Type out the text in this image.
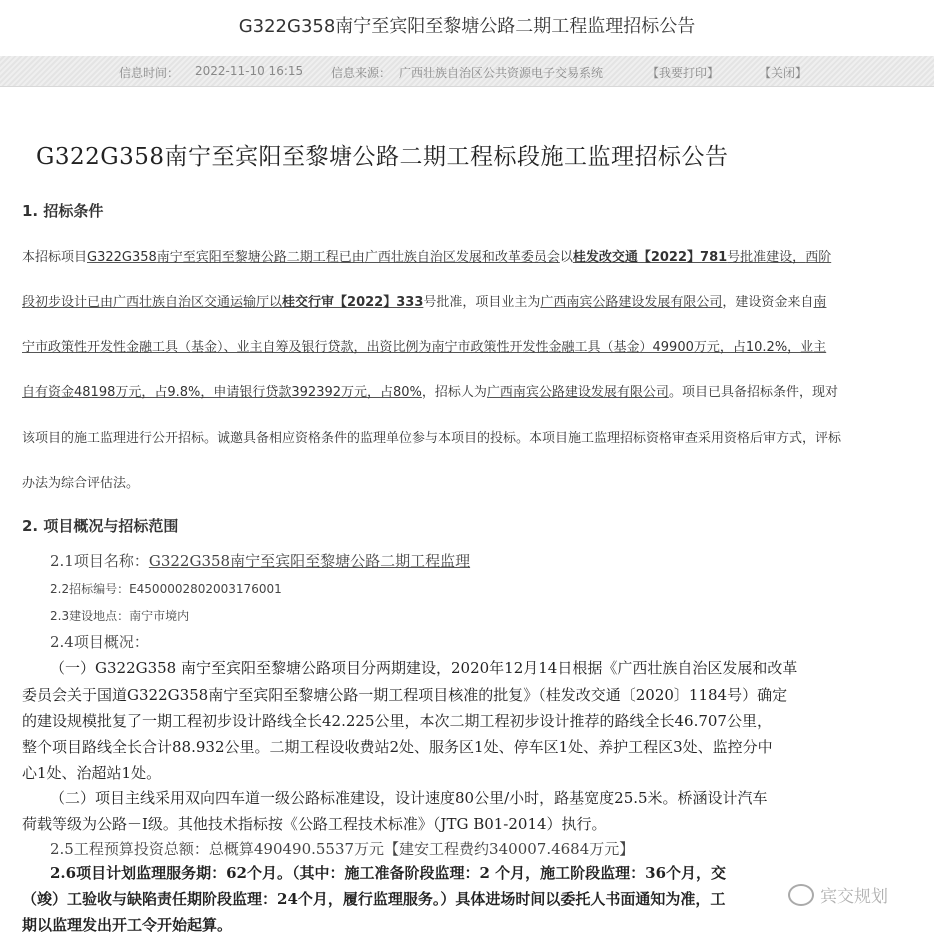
G322G358南宁至宾阳至黎塘公路二期工程监理招标公告
信息时间： 2022-11-10 16:15 信息来源： 广西壮族自治区公共资源电子交易系统	【我要打印】	【关闭】
G322G358南宁至宾阳至黎塘公路二期工程标段施工监理招标公告
1. 招标条件
本招标项目G322G358南宁至宾阳至黎塘公路二期工程已由广西壮族自治区发展和改革委员会以桂发改交通【2022】781号批准建设，西阶
段初步设计已由广西壮族自治区交通运输厅以桂交行审【2022】333号批准，项目业主为广西南宾公路建设发展有限公司，建设资金来自南
宁市政策性开发性金融工具（基金）、业主自筹及银行贷款，出资比例为南宁市政策性开发性金融工具（基金）49900万元，占10.2%，业主
自有资金48198万元，占9.8%，申请银行贷款392392万元，占80%，招标人为广西南宾公路建设发展有限公司。项目已具备招标条件，现对
该项目的施工监理进行公开招标。诚邀具备相应资格条件的监理单位参与本项目的投标。本项目施工监理招标资格审查采用资格后审方式，评标
办法为综合评估法。
2. 项目概况与招标范围
2.1项目名称：G322G358南宁至宾阳至黎塘公路二期工程监理
2.2招标编号：E4500002802003176001
2.3建设地点：南宁市境内
2.4项目概况：
（一）G322G358 南宁至宾阳至黎塘公路项目分两期建设，2020年12月14日根据《广西壮族自治区发展和改革
委员会关于国道G322G358南宁至宾阳至黎塘公路一期工程项目核准的批复》（桂发改交通〔2020〕1184号）确定
的建设规模批复了一期工程初步设计路线全长42.225公里，本次二期工程初步设计推荐的路线全长46.707公里，
整个项目路线全长合计88.932公里。二期工程设收费站2处、服务区1处、停车区1处、养护工程区3处、监控分中
心1处、治超站1处。
（二）项目主线采用双向四车道一级公路标准建设，设计速度80公里/小时，路基宽度25.5米。桥涵设计汽车
荷载等级为公路－Ⅰ级。其他技术指标按《公路工程技术标准》（JTG B01-2014）执行。
2.5工程预算投资总额：总概算490490.5537万元【建安工程费约340007.4684万元】
2.6项目计划监理服务期：62个月。（其中：施工准备阶段监理：2 个月，施工阶段监理：36个月，交
（竣）工验收与缺陷责任期阶段监理：24个月，履行监理服务。）具体进场时间以委托人书面通知为准，工
期以监理发出开工令开始起算。
宾交规划
